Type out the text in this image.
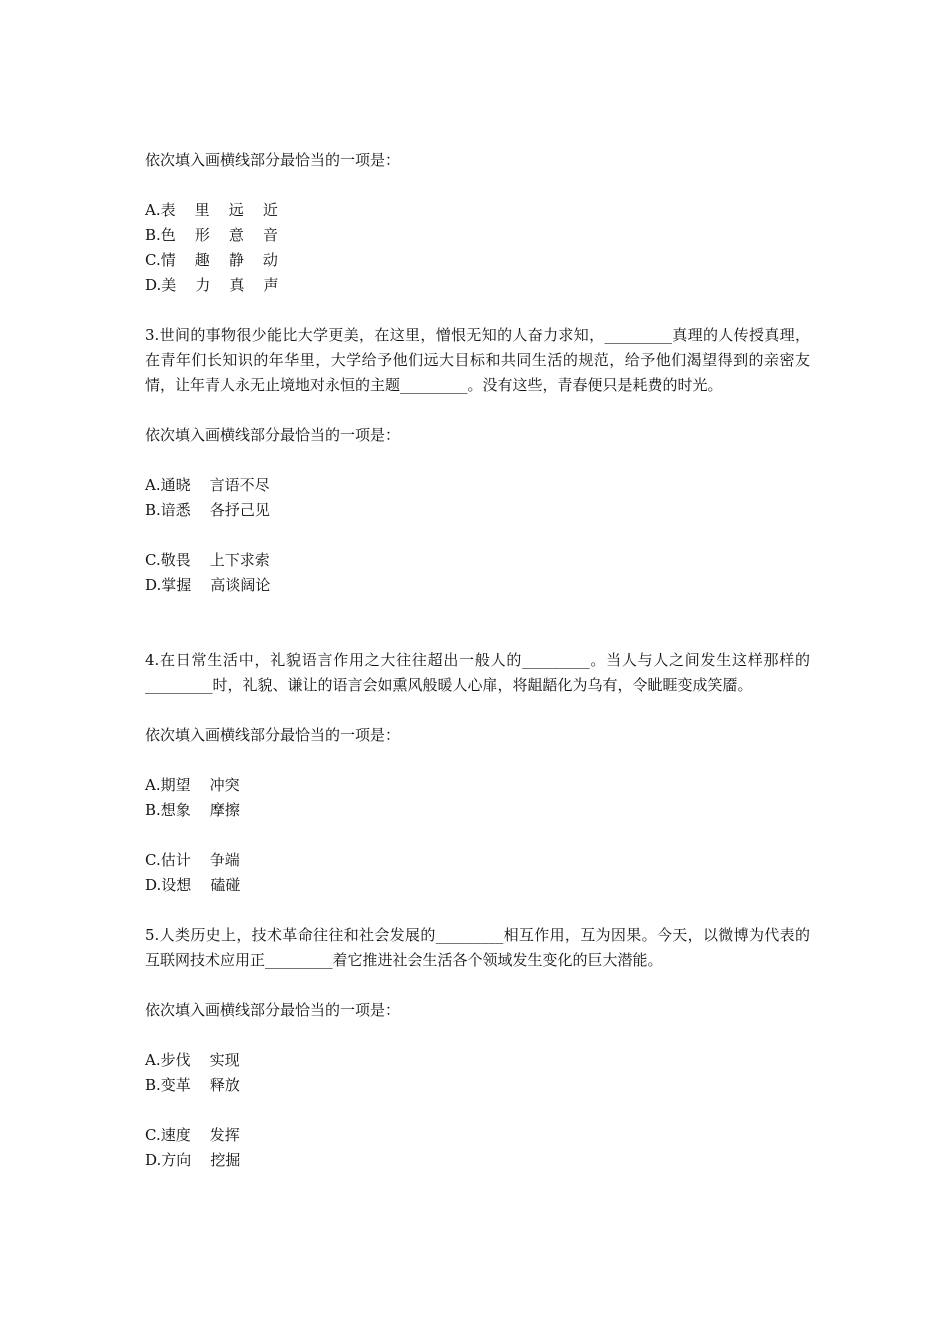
依次填入画横线部分最恰当的一项是：

A.表    里    远    近

B.色    形    意    音

C.情    趣    静    动

D.美    力    真    声

3.世间的事物很少能比大学更美，在这里，憎恨无知的人奋力求知，_________真理的人传授真理，在青年们长知识的年华里，大学给予他们远大目标和共同生活的规范，给予他们渴望得到的亲密友情，让年青人永无止境地对永恒的主题_________。没有这些，青春便只是耗费的时光。

依次填入画横线部分最恰当的一项是：

A.通晓    言语不尽

B.谙悉    各抒己见

C.敬畏    上下求索

D.掌握    高谈阔论

4.在日常生活中，礼貌语言作用之大往往超出一般人的_________。当人与人之间发生这样那样的_________时，礼貌、谦让的语言会如熏风般暖人心扉，将龃龉化为乌有，令眦睚变成笑靥。

依次填入画横线部分最恰当的一项是：

A.期望    冲突

B.想象    摩擦

C.估计    争端

D.设想    磕碰

5.人类历史上，技术革命往往和社会发展的_________相互作用，互为因果。今天，以微博为代表的互联网技术应用正_________着它推进社会生活各个领域发生变化的巨大潜能。

依次填入画横线部分最恰当的一项是：

A.步伐    实现

B.变革    释放

C.速度    发挥

D.方向    挖掘
